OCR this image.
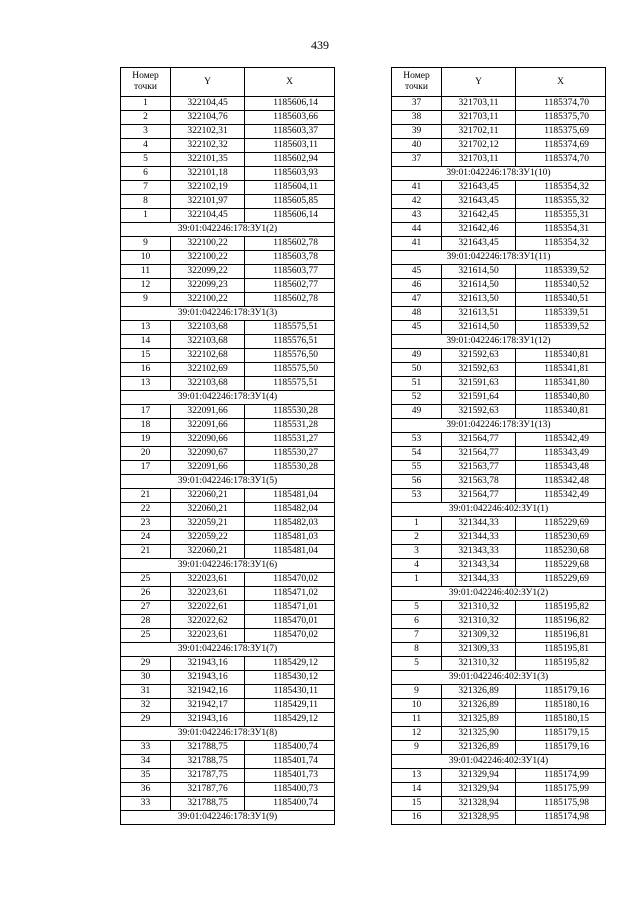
439
Номер точки	Y	X
1	322104,45	1185606,14
2	322104,76	1185603,66
3	322102,31	1185603,37
4	322102,32	1185603,11
5	322101,35	1185602,94
6	322101,18	1185603,93
7	322102,19	1185604,11
8	322101,97	1185605,85
1	322104,45	1185606,14
39:01:042246:178:ЗУ1(2)		
9	322100,22	1185602,78
10	322100,22	1185603,78
11	322099,22	1185603,77
12	322099,23	1185602,77
9	322100,22	1185602,78
39:01:042246:178:ЗУ1(3)		
13	322103,68	1185575,51
14	322103,68	1185576,51
15	322102,68	1185576,50
16	322102,69	1185575,50
13	322103,68	1185575,51
39:01:042246:178:ЗУ1(4)		
17	322091,66	1185530,28
18	322091,66	1185531,28
19	322090,66	1185531,27
20	322090,67	1185530,27
17	322091,66	1185530,28
39:01:042246:178:ЗУ1(5)		
21	322060,21	1185481,04
22	322060,21	1185482,04
23	322059,21	1185482,03
24	322059,22	1185481,03
21	322060,21	1185481,04
39:01:042246:178:ЗУ1(6)		
25	322023,61	1185470,02
26	322023,61	1185471,02
27	322022,61	1185471,01
28	322022,62	1185470,01
25	322023,61	1185470,02
39:01:042246:178:ЗУ1(7)		
29	321943,16	1185429,12
30	321943,16	1185430,12
31	321942,16	1185430,11
32	321942,17	1185429,11
29	321943,16	1185429,12
39:01:042246:178:ЗУ1(8)		
33	321788,75	1185400,74
34	321788,75	1185401,74
35	321787,75	1185401,73
36	321787,76	1185400,73
33	321788,75	1185400,74
39:01:042246:178:ЗУ1(9)		
Номер точки	Y	X
37	321703,11	1185374,70
38	321703,11	1185375,70
39	321702,11	1185375,69
40	321702,12	1185374,69
37	321703,11	1185374,70
39:01:042246:178:ЗУ1(10)		
41	321643,45	1185354,32
42	321643,45	1185355,32
43	321642,45	1185355,31
44	321642,46	1185354,31
41	321643,45	1185354,32
39:01:042246:178:ЗУ1(11)		
45	321614,50	1185339,52
46	321614,50	1185340,52
47	321613,50	1185340,51
48	321613,51	1185339,51
45	321614,50	1185339,52
39:01:042246:178:ЗУ1(12)		
49	321592,63	1185340,81
50	321592,63	1185341,81
51	321591,63	1185341,80
52	321591,64	1185340,80
49	321592,63	1185340,81
39:01:042246:178:ЗУ1(13)		
53	321564,77	1185342,49
54	321564,77	1185343,49
55	321563,77	1185343,48
56	321563,78	1185342,48
53	321564,77	1185342,49
39:01:042246:402:ЗУ1(1)		
1	321344,33	1185229,69
2	321344,33	1185230,69
3	321343,33	1185230,68
4	321343,34	1185229,68
1	321344,33	1185229,69
39:01:042246:402:ЗУ1(2)		
5	321310,32	1185195,82
6	321310,32	1185196,82
7	321309,32	1185196,81
8	321309,33	1185195,81
5	321310,32	1185195,82
39:01:042246:402:ЗУ1(3)		
9	321326,89	1185179,16
10	321326,89	1185180,16
11	321325,89	1185180,15
12	321325,90	1185179,15
9	321326,89	1185179,16
39:01:042246:402:ЗУ1(4)		
13	321329,94	1185174,99
14	321329,94	1185175,99
15	321328,94	1185175,98
16	321328,95	1185174,98
